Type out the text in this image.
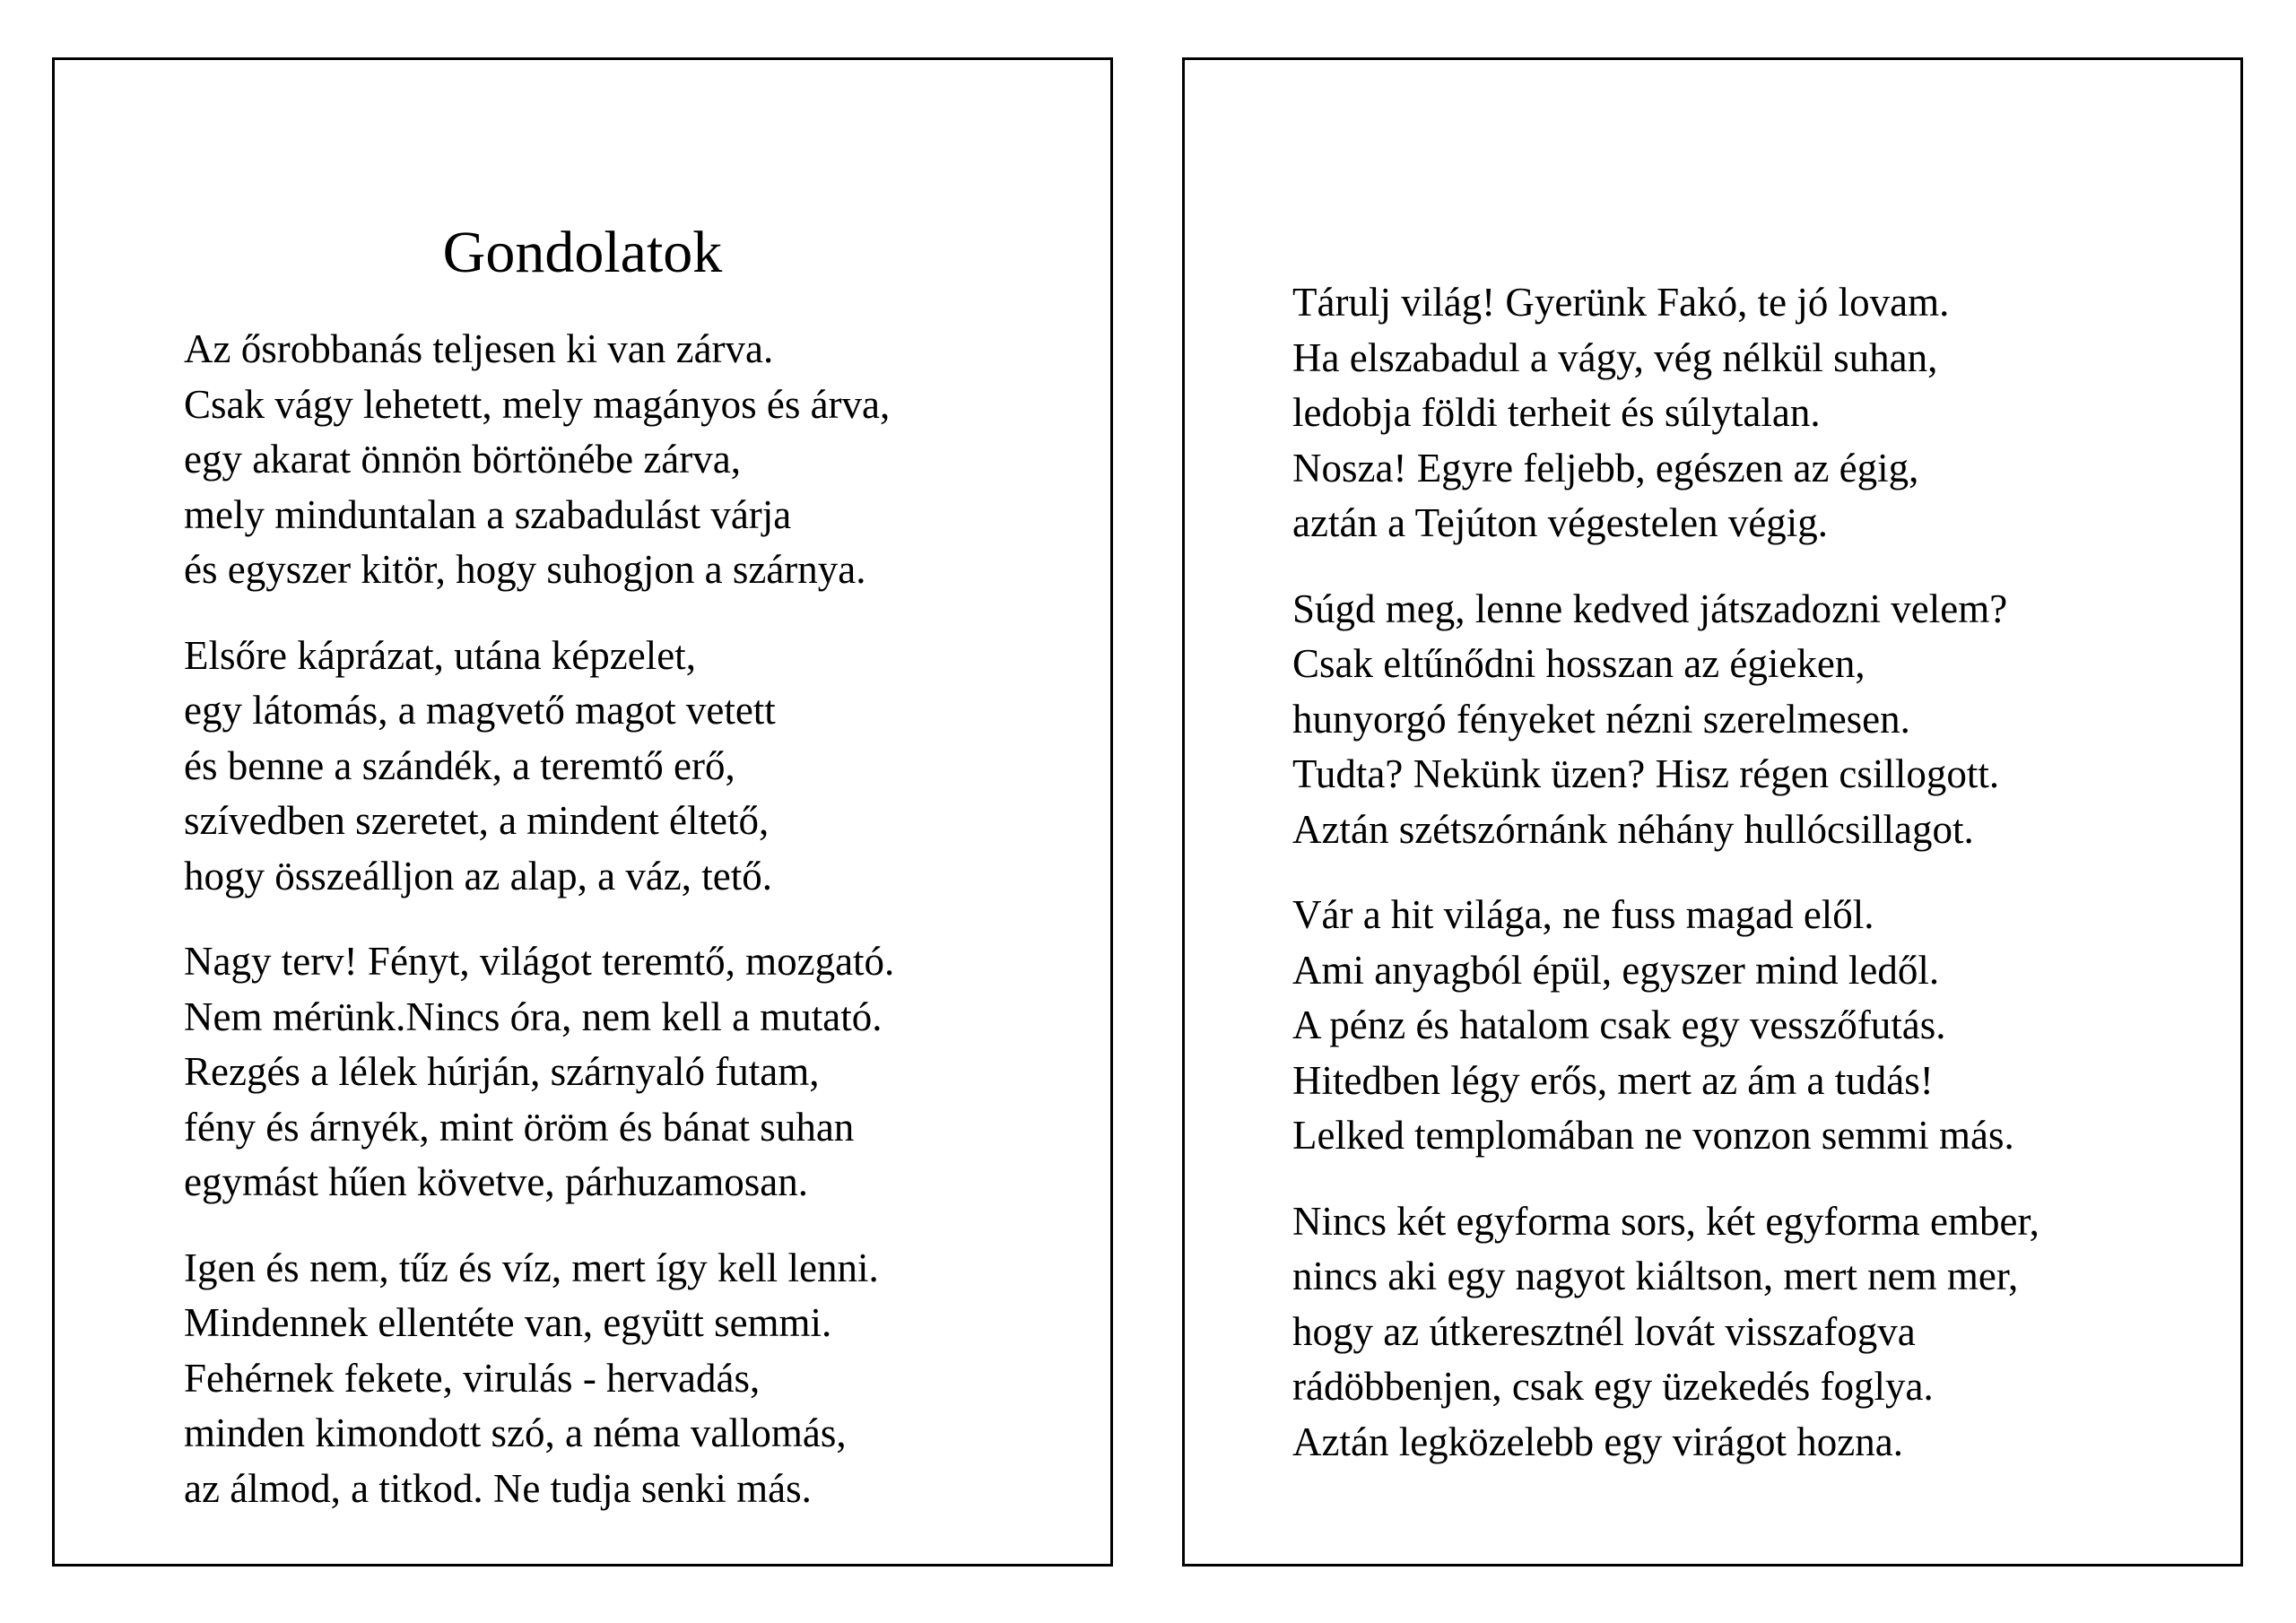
Gondolatok
Az ősrobbanás teljesen ki van zárva.
Csak vágy lehetett, mely magányos és árva,
egy akarat önnön börtönébe zárva,
mely minduntalan a szabadulást várja
és egyszer kitör, hogy suhogjon a szárnya.
Elsőre káprázat, utána képzelet,
egy látomás, a magvető magot vetett
és benne a szándék, a teremtő erő,
szívedben szeretet, a mindent éltető,
hogy összeálljon az alap, a váz, tető.
Nagy terv! Fényt, világot teremtő, mozgató.
Nem mérünk.Nincs óra, nem kell a mutató.
Rezgés a lélek húrján, szárnyaló futam,
fény és árnyék, mint öröm és bánat suhan
egymást hűen követve, párhuzamosan.
Igen és nem, tűz és víz, mert így kell lenni.
Mindennek ellentéte van, együtt semmi.
Fehérnek fekete, virulás - hervadás,
minden kimondott szó, a néma vallomás,
az álmod, a titkod. Ne tudja senki más.
Tárulj világ! Gyerünk Fakó, te jó lovam.
Ha elszabadul a vágy, vég nélkül suhan,
ledobja földi terheit és súlytalan.
Nosza! Egyre feljebb, egészen az égig,
aztán a Tejúton végestelen végig.
Súgd meg, lenne kedved játszadozni velem?
Csak eltűnődni hosszan az égieken,
hunyorgó fényeket nézni szerelmesen.
Tudta? Nekünk üzen? Hisz régen csillogott.
Aztán szétszórnánk néhány hullócsillagot.
Vár a hit világa, ne fuss magad elől.
Ami anyagból épül, egyszer mind ledől.
A pénz és hatalom csak egy vesszőfutás.
Hitedben légy erős, mert az ám a tudás!
Lelked templomában ne vonzon semmi más.
Nincs két egyforma sors, két egyforma ember,
nincs aki egy nagyot kiáltson, mert nem mer,
hogy az útkeresztnél lovát visszafogva
rádöbbenjen, csak egy üzekedés foglya.
Aztán legközelebb egy virágot hozna.
